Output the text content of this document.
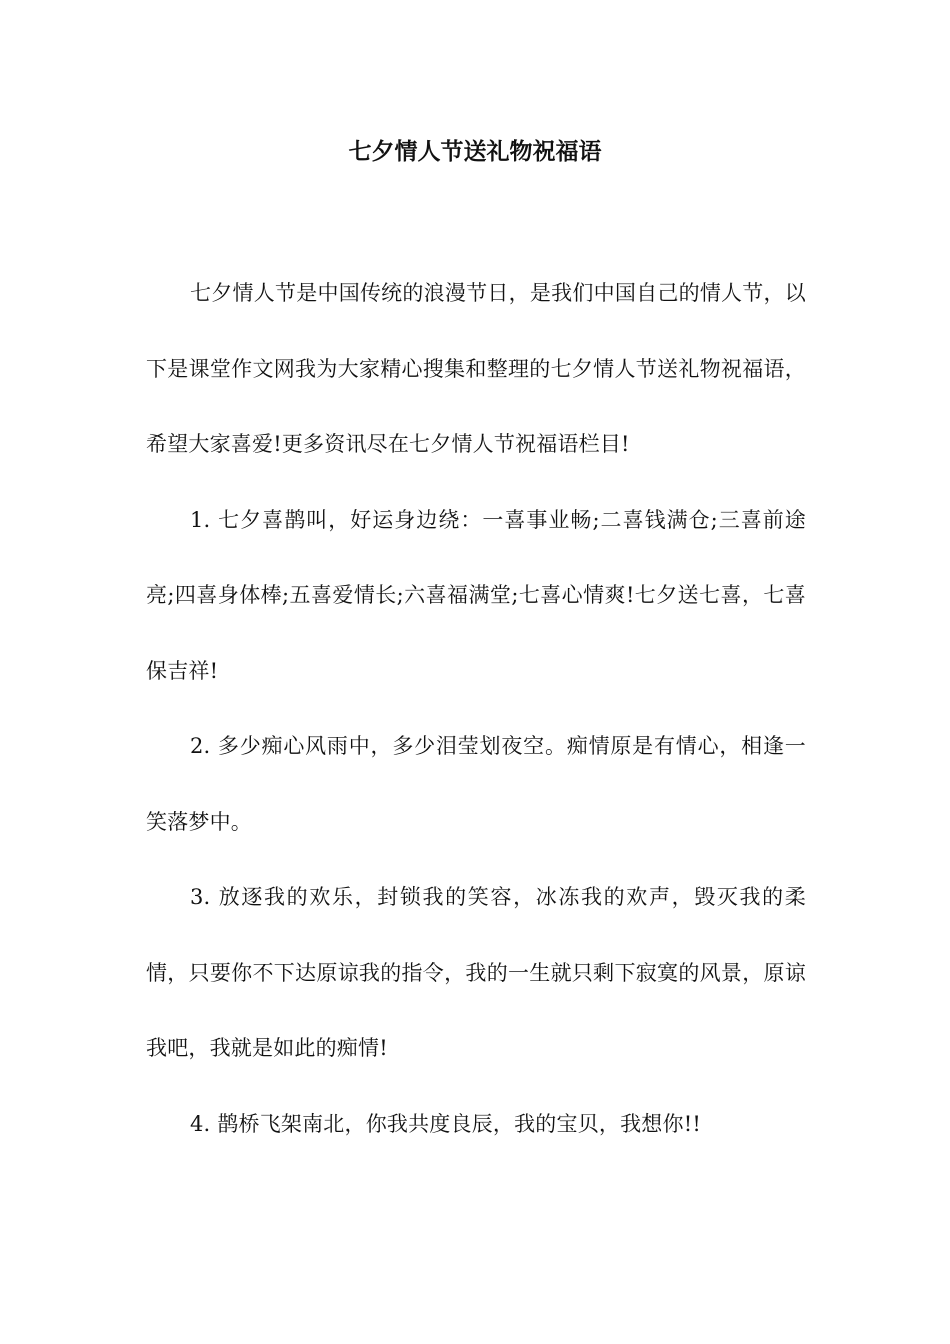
七夕情人节送礼物祝福语

七夕情人节是中国传统的浪漫节日，是我们中国自己的情人节，以下是课堂作文网我为大家精心搜集和整理的七夕情人节送礼物祝福语，希望大家喜爱!更多资讯尽在七夕情人节祝福语栏目!

1. 七夕喜鹊叫，好运身边绕：一喜事业畅;二喜钱满仓;三喜前途亮;四喜身体棒;五喜爱情长;六喜福满堂;七喜心情爽!七夕送七喜，七喜保吉祥!

2. 多少痴心风雨中，多少泪莹划夜空。痴情原是有情心，相逢一笑落梦中。

3. 放逐我的欢乐，封锁我的笑容，冰冻我的欢声，毁灭我的柔情，只要你不下达原谅我的指令，我的一生就只剩下寂寞的风景，原谅我吧，我就是如此的痴情!

4. 鹊桥飞架南北，你我共度良辰，我的宝贝，我想你!!
